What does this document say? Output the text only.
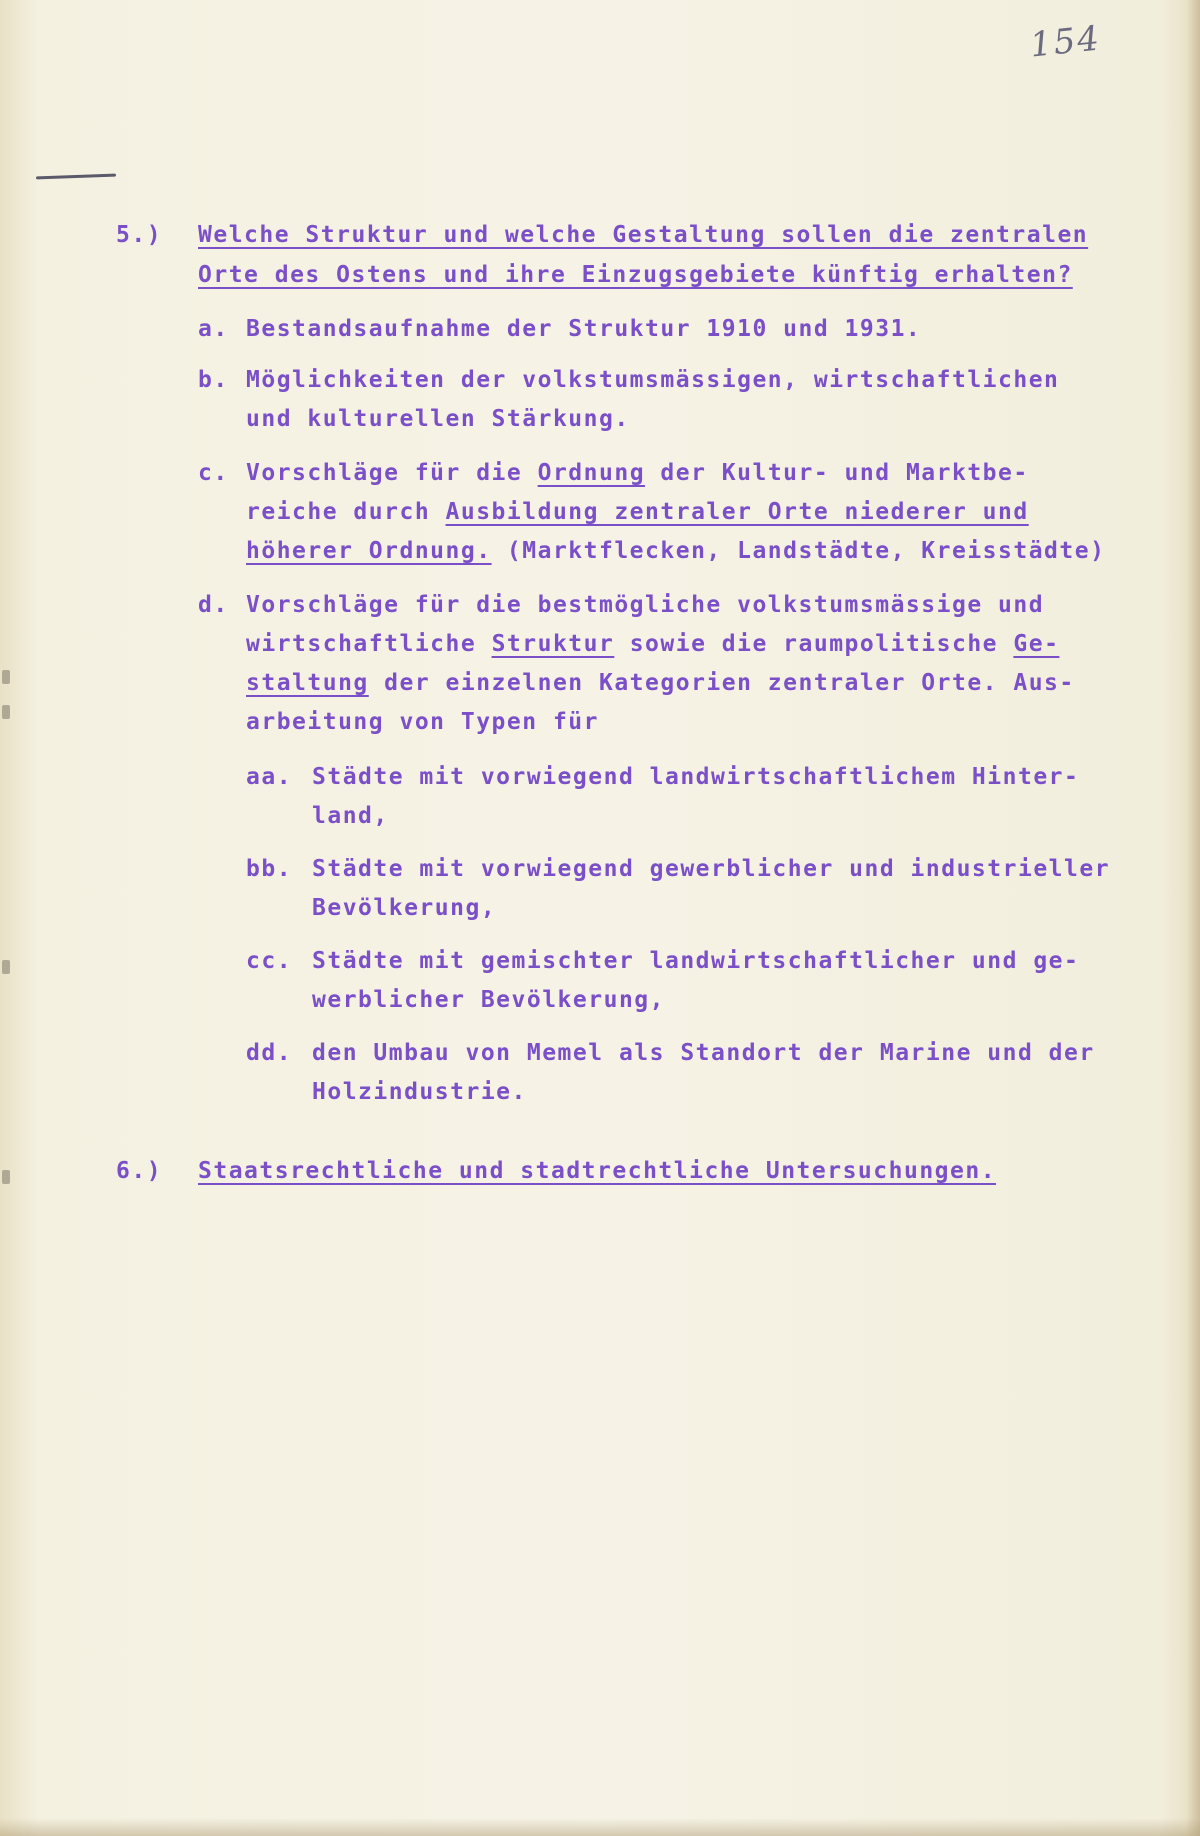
154

5.) Welche Struktur und welche Gestaltung sollen die zentralen
Orte des Ostens und ihre Einzugsgebiete künftig erhalten?
a. Bestandsaufnahme der Struktur 1910 und 1931.
b. Möglichkeiten der volkstumsmässigen, wirtschaftlichen
und kulturellen Stärkung.
c. Vorschläge für die Ordnung der Kultur- und Marktbe-
reiche durch Ausbildung zentraler Orte niederer und
höherer Ordnung. (Marktflecken, Landstädte, Kreisstädte)
d. Vorschläge für die bestmögliche volkstumsmässige und
wirtschaftliche Struktur sowie die raumpolitische Ge-
staltung der einzelnen Kategorien zentraler Orte. Aus-
arbeitung von Typen für
aa. Städte mit vorwiegend landwirtschaftlichem Hinter-
land,
bb. Städte mit vorwiegend gewerblicher und industrieller
Bevölkerung,
cc. Städte mit gemischter landwirtschaftlicher und ge-
werblicher Bevölkerung,
dd. den Umbau von Memel als Standort der Marine und der
Holzindustrie.
6.) Staatsrechtliche und stadtrechtliche Untersuchungen.
